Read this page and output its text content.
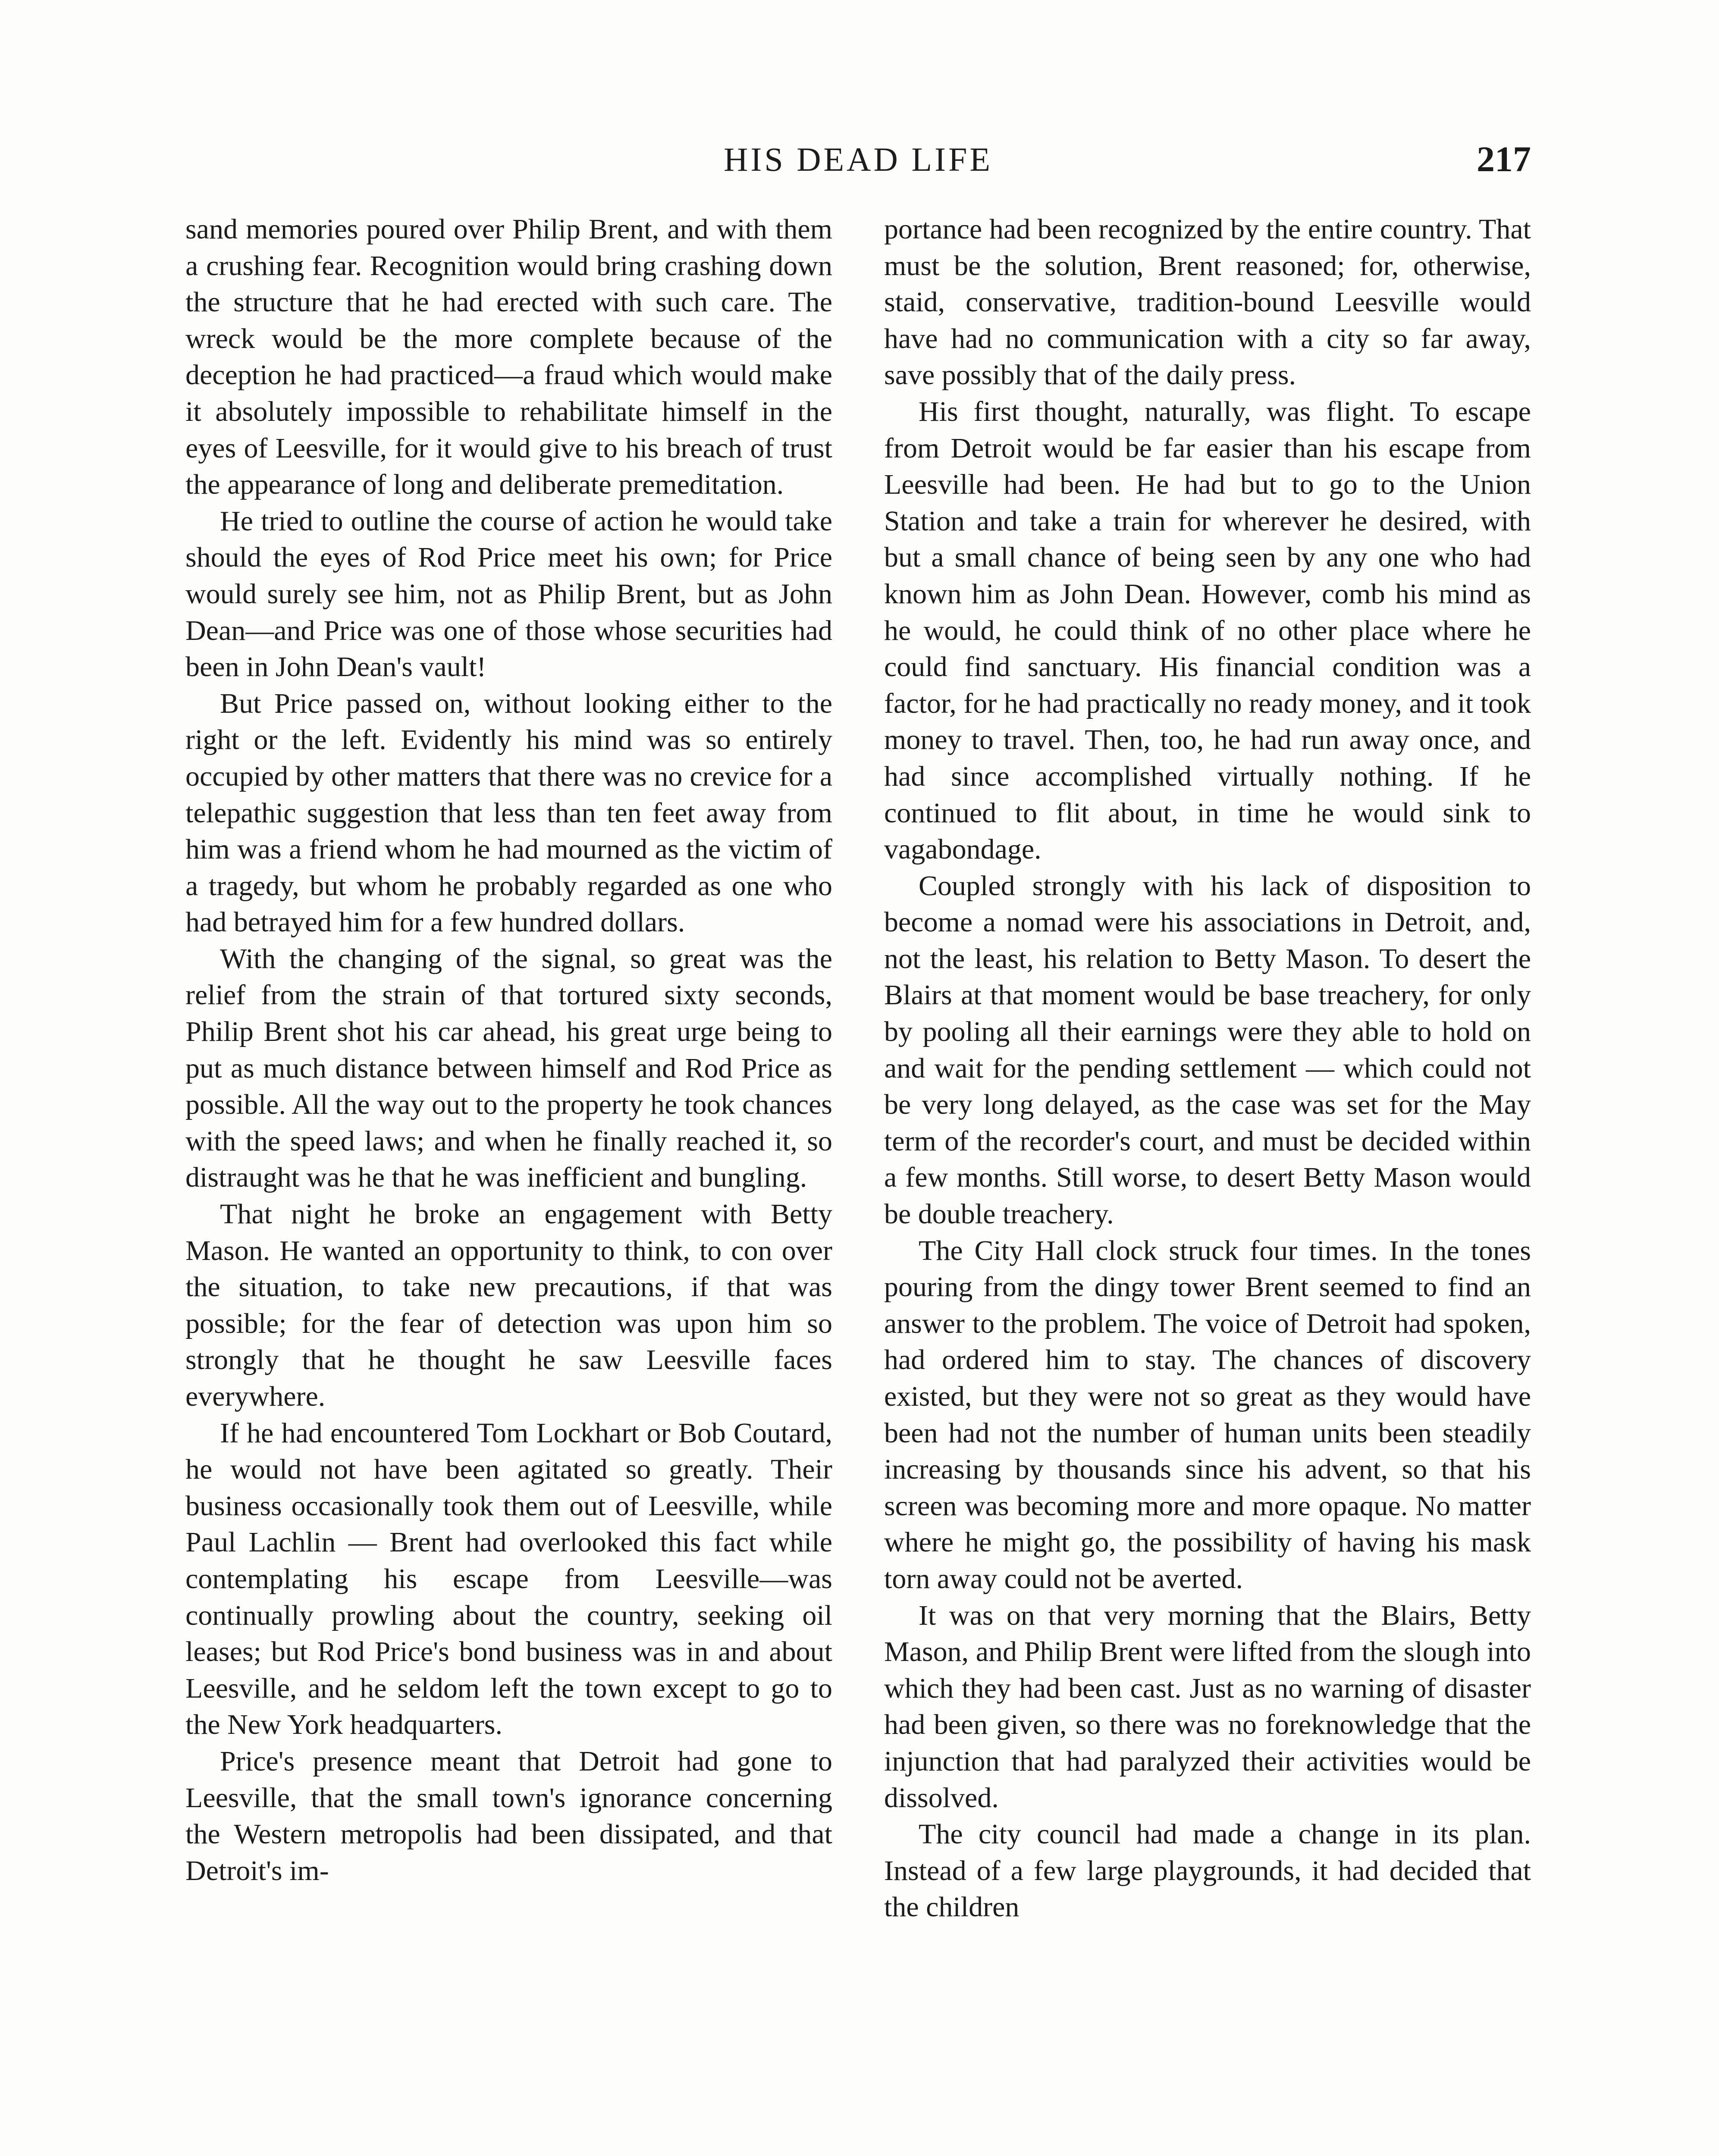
HIS DEAD LIFE	217

sand memories poured over Philip Brent, and with them a crushing fear. Recognition would bring crashing down the structure that he had erected with such care. The wreck would be the more complete because of the deception he had practiced—a fraud which would make it absolutely impossible to rehabilitate himself in the eyes of Leesville, for it would give to his breach of trust the appearance of long and deliberate premeditation.

He tried to outline the course of action he would take should the eyes of Rod Price meet his own; for Price would surely see him, not as Philip Brent, but as John Dean—and Price was one of those whose securities had been in John Dean's vault!

But Price passed on, without looking either to the right or the left. Evidently his mind was so entirely occupied by other matters that there was no crevice for a telepathic suggestion that less than ten feet away from him was a friend whom he had mourned as the victim of a tragedy, but whom he probably regarded as one who had betrayed him for a few hundred dollars.

With the changing of the signal, so great was the relief from the strain of that tortured sixty seconds, Philip Brent shot his car ahead, his great urge being to put as much distance between himself and Rod Price as possible. All the way out to the property he took chances with the speed laws; and when he finally reached it, so distraught was he that he was inefficient and bungling.

That night he broke an engagement with Betty Mason. He wanted an opportunity to think, to con over the situation, to take new precautions, if that was possible; for the fear of detection was upon him so strongly that he thought he saw Leesville faces everywhere.

If he had encountered Tom Lockhart or Bob Coutard, he would not have been agitated so greatly. Their business occasionally took them out of Leesville, while Paul Lachlin — Brent had overlooked this fact while contemplating his escape from Leesville—was continually prowling about the country, seeking oil leases; but Rod Price's bond business was in and about Leesville, and he seldom left the town except to go to the New York headquarters.

Price's presence meant that Detroit had gone to Leesville, that the small town's ignorance concerning the Western metropolis had been dissipated, and that Detroit's im-

portance had been recognized by the entire country. That must be the solution, Brent reasoned; for, otherwise, staid, conservative, tradition-bound Leesville would have had no communication with a city so far away, save possibly that of the daily press.

His first thought, naturally, was flight. To escape from Detroit would be far easier than his escape from Leesville had been. He had but to go to the Union Station and take a train for wherever he desired, with but a small chance of being seen by any one who had known him as John Dean. However, comb his mind as he would, he could think of no other place where he could find sanctuary. His financial condition was a factor, for he had practically no ready money, and it took money to travel. Then, too, he had run away once, and had since accomplished virtually nothing. If he continued to flit about, in time he would sink to vagabondage.

Coupled strongly with his lack of disposition to become a nomad were his associations in Detroit, and, not the least, his relation to Betty Mason. To desert the Blairs at that moment would be base treachery, for only by pooling all their earnings were they able to hold on and wait for the pending settlement — which could not be very long delayed, as the case was set for the May term of the recorder's court, and must be decided within a few months. Still worse, to desert Betty Mason would be double treachery.

The City Hall clock struck four times. In the tones pouring from the dingy tower Brent seemed to find an answer to the problem. The voice of Detroit had spoken, had ordered him to stay. The chances of discovery existed, but they were not so great as they would have been had not the number of human units been steadily increasing by thousands since his advent, so that his screen was becoming more and more opaque. No matter where he might go, the possibility of having his mask torn away could not be averted.

It was on that very morning that the Blairs, Betty Mason, and Philip Brent were lifted from the slough into which they had been cast. Just as no warning of disaster had been given, so there was no foreknowledge that the injunction that had paralyzed their activities would be dissolved.

The city council had made a change in its plan. Instead of a few large playgrounds, it had decided that the children
